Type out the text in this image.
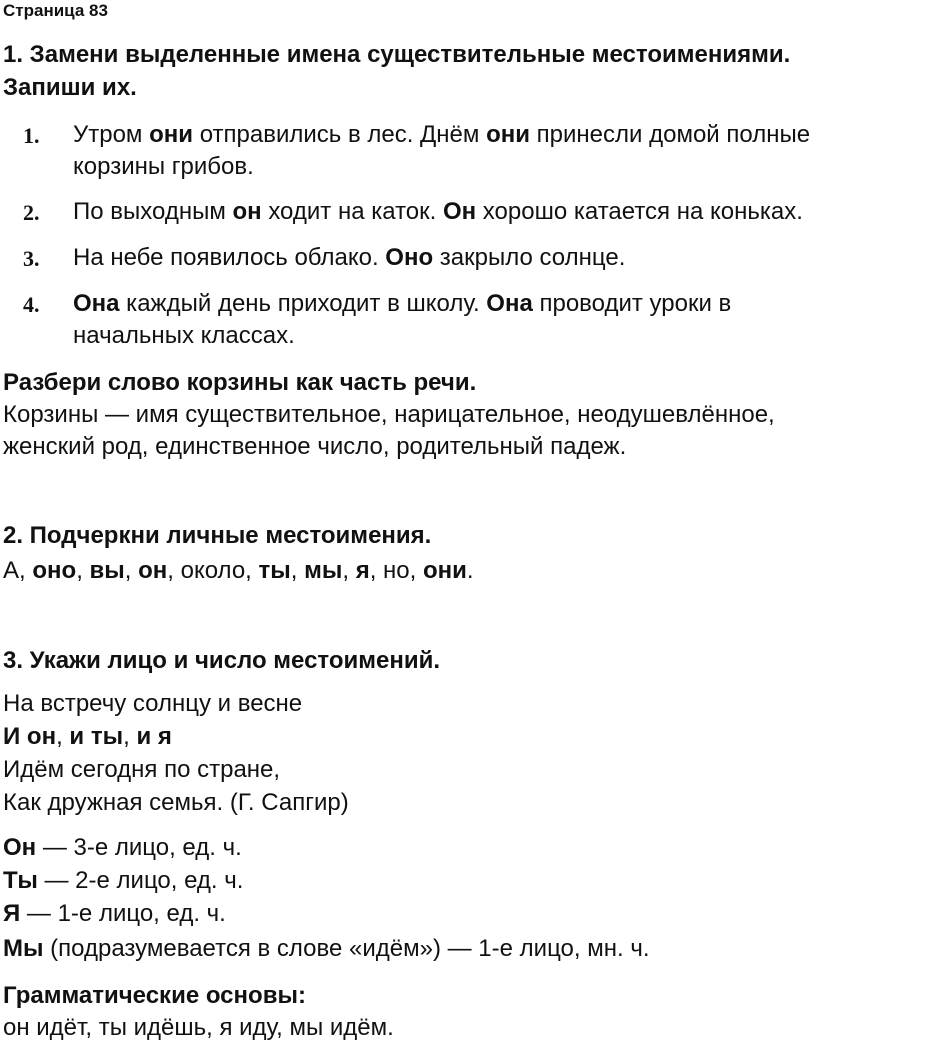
Страница 83
1. Замени выделенные имена существительные местоимениями.
Запиши их.
1. Утром они отправились в лес. Днём они принесли домой полные
корзины грибов.
2. По выходным он ходит на каток. Он хорошо катается на коньках.
3. На небе появилось облако. Оно закрыло солнце.
4. Она каждый день приходит в школу. Она проводит уроки в
начальных классах.
Разбери слово корзины как часть речи.
Корзины — имя существительное, нарицательное, неодушевлённое,
женский род, единственное число, родительный падеж.
2. Подчеркни личные местоимения.
А, оно, вы, он, около, ты, мы, я, но, они.
3. Укажи лицо и число местоимений.
На встречу солнцу и весне
И он, и ты, и я
Идём сегодня по стране,
Как дружная семья. (Г. Сапгир)
Он — 3-е лицо, ед. ч.
Ты — 2-е лицо, ед. ч.
Я — 1-е лицо, ед. ч.
Мы (подразумевается в слове «идём») — 1-е лицо, мн. ч.
Грамматические основы:
он идёт, ты идёшь, я иду, мы идём.
